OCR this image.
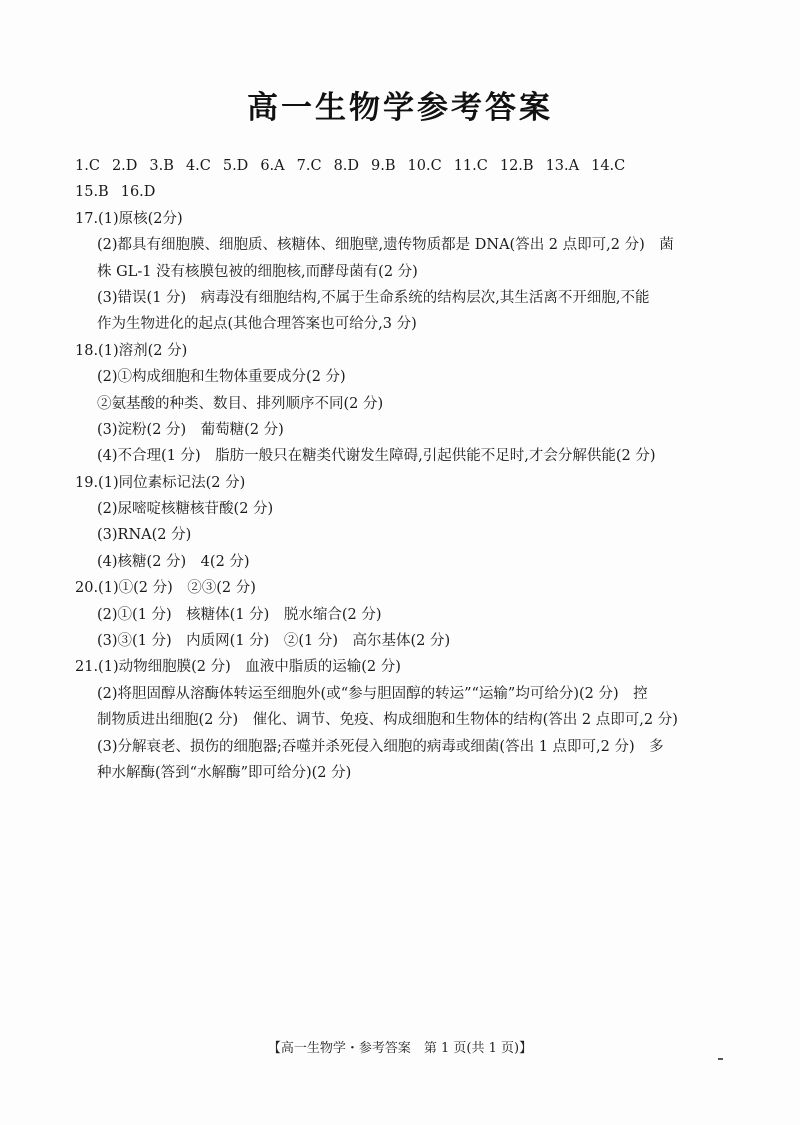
高一生物学参考答案
1.C 2.D 3.B 4.C 5.D 6.A 7.C 8.D 9.B 10.C 11.C 12.B 13.A 14.C
15.B 16.D
17.(1)原核(2分)
(2)都具有细胞膜、细胞质、核糖体、细胞壁,遗传物质都是 DNA(答出 2 点即可,2 分)　菌
株 GL-1 没有核膜包被的细胞核,而酵母菌有(2 分)
(3)错误(1 分)　病毒没有细胞结构,不属于生命系统的结构层次,其生活离不开细胞,不能
作为生物进化的起点(其他合理答案也可给分,3 分)
18.(1)溶剂(2 分)
(2)①构成细胞和生物体重要成分(2 分)
②氨基酸的种类、数目、排列顺序不同(2 分)
(3)淀粉(2 分)　葡萄糖(2 分)
(4)不合理(1 分)　脂肪一般只在糖类代谢发生障碍,引起供能不足时,才会分解供能(2 分)
19.(1)同位素标记法(2 分)
(2)尿嘧啶核糖核苷酸(2 分)
(3)RNA(2 分)
(4)核糖(2 分)　4(2 分)
20.(1)①(2 分)　②③(2 分)
(2)①(1 分)　核糖体(1 分)　脱水缩合(2 分)
(3)③(1 分)　内质网(1 分)　②(1 分)　高尔基体(2 分)
21.(1)动物细胞膜(2 分)　血液中脂质的运输(2 分)
(2)将胆固醇从溶酶体转运至细胞外(或“参与胆固醇的转运”“运输”均可给分)(2 分)　控
制物质进出细胞(2 分)　催化、调节、免疫、构成细胞和生物体的结构(答出 2 点即可,2 分)
(3)分解衰老、损伤的细胞器;吞噬并杀死侵入细胞的病毒或细菌(答出 1 点即可,2 分)　多
种水解酶(答到“水解酶”即可给分)(2 分)
【高一生物学・参考答案　第 1 页(共 1 页)】
